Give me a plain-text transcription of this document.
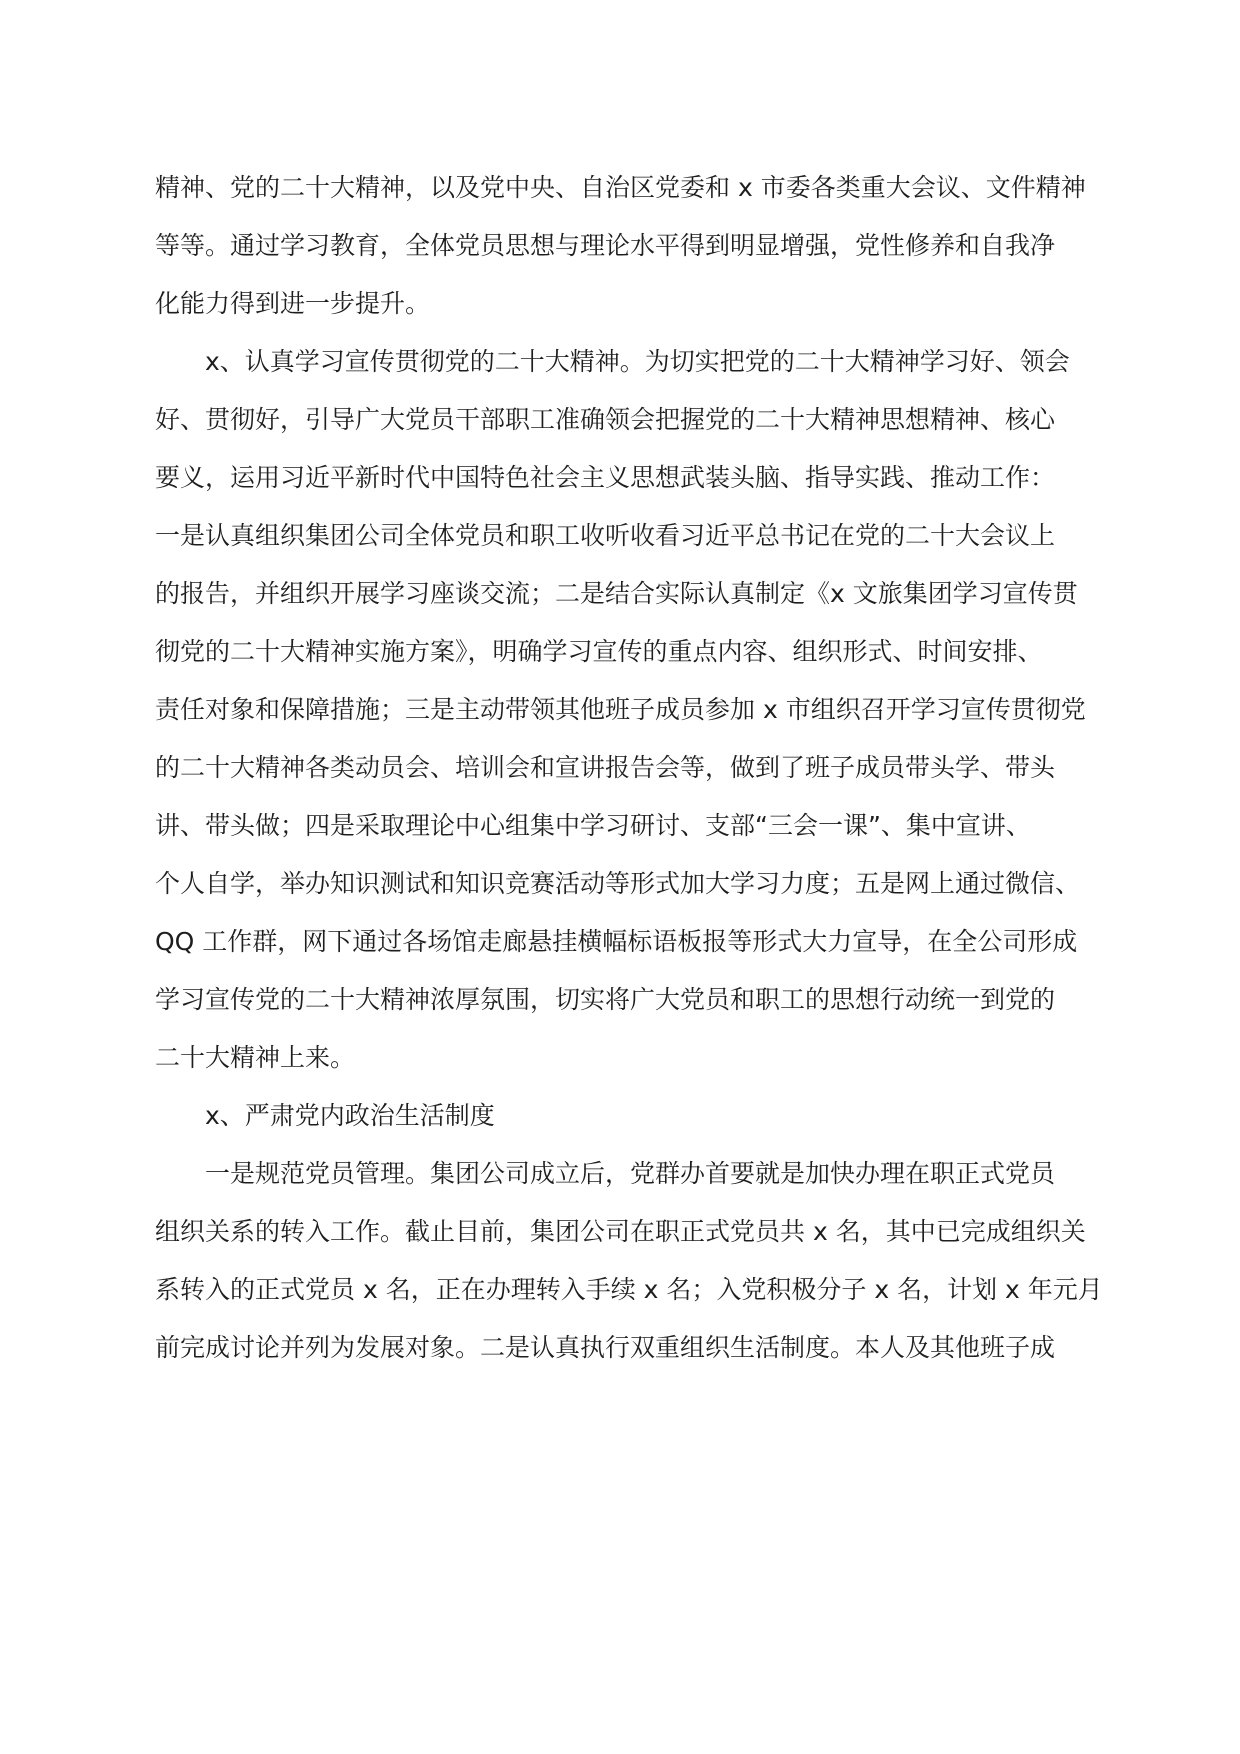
精神、党的二十大精神，以及党中央、自治区党委和 x 市委各类重大会议、文件精神
等等。通过学习教育，全体党员思想与理论水平得到明显增强，党性修养和自我净
化能力得到进一步提升。
x、认真学习宣传贯彻党的二十大精神。为切实把党的二十大精神学习好、领会
好、贯彻好，引导广大党员干部职工准确领会把握党的二十大精神思想精神、核心
要义，运用习近平新时代中国特色社会主义思想武装头脑、指导实践、推动工作：
一是认真组织集团公司全体党员和职工收听收看习近平总书记在党的二十大会议上
的报告，并组织开展学习座谈交流；二是结合实际认真制定《x 文旅集团学习宣传贯
彻党的二十大精神实施方案》，明确学习宣传的重点内容、组织形式、时间安排、
责任对象和保障措施；三是主动带领其他班子成员参加 x 市组织召开学习宣传贯彻党
的二十大精神各类动员会、培训会和宣讲报告会等，做到了班子成员带头学、带头
讲、带头做；四是采取理论中心组集中学习研讨、支部“三会一课”、集中宣讲、
个人自学，举办知识测试和知识竞赛活动等形式加大学习力度；五是网上通过微信、
QQ 工作群，网下通过各场馆走廊悬挂横幅标语板报等形式大力宣导，在全公司形成
学习宣传党的二十大精神浓厚氛围，切实将广大党员和职工的思想行动统一到党的
二十大精神上来。
x、严肃党内政治生活制度
一是规范党员管理。集团公司成立后，党群办首要就是加快办理在职正式党员
组织关系的转入工作。截止目前，集团公司在职正式党员共 x 名，其中已完成组织关
系转入的正式党员 x 名，正在办理转入手续 x 名；入党积极分子 x 名，计划 x 年元月
前完成讨论并列为发展对象。二是认真执行双重组织生活制度。本人及其他班子成
